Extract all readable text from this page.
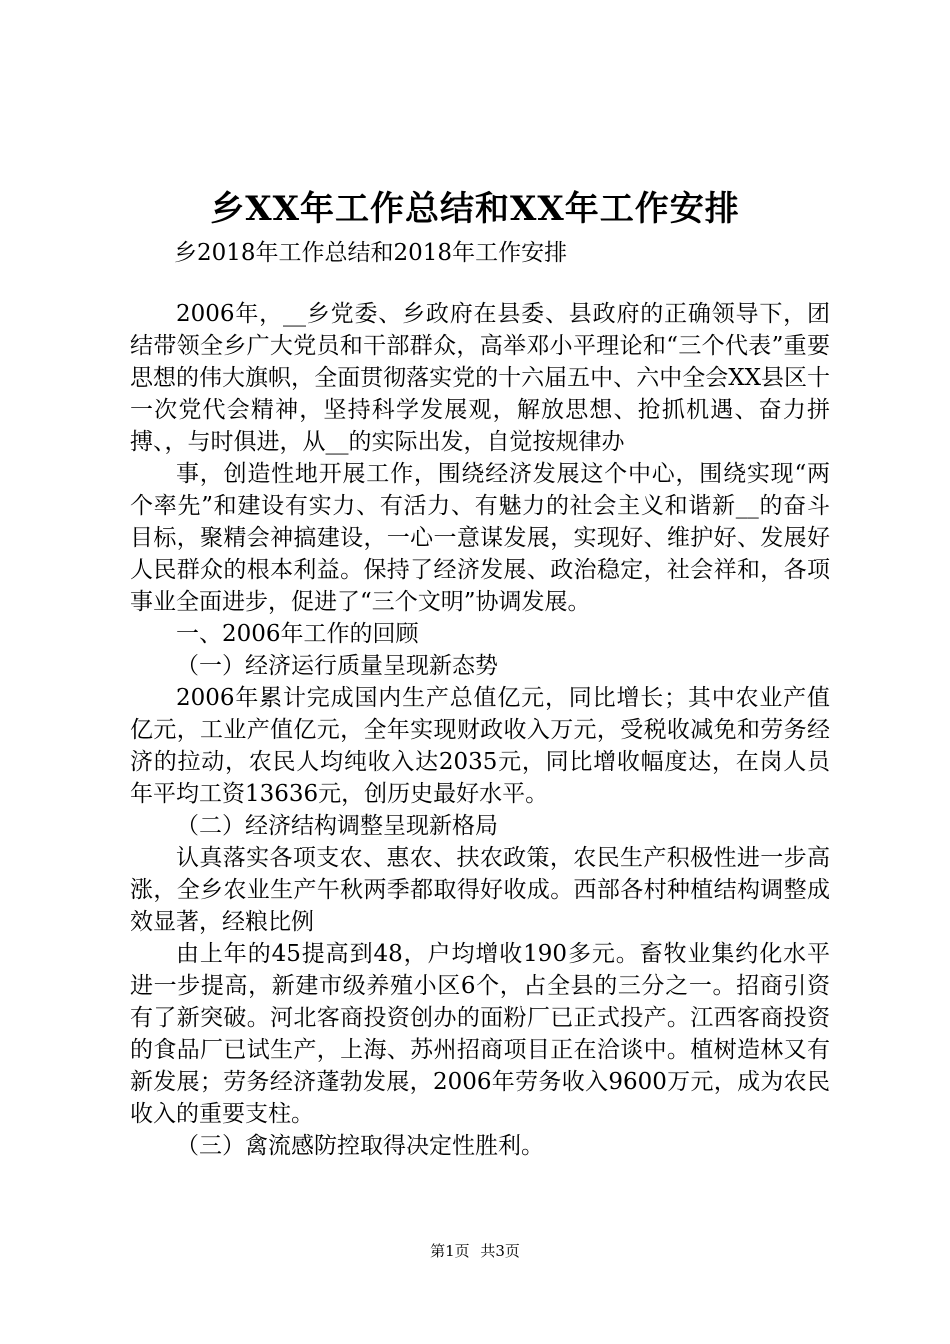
乡XX年工作总结和XX年工作安排
乡2018年工作总结和2018年工作安排

2006年，__乡党委、乡政府在县委、县政府的正确领导下，团结带领全乡广大党员和干部群众，高举邓小平理论和“三个代表”重要思想的伟大旗帜，全面贯彻落实党的十六届五中、六中全会XX县区十一次党代会精神，坚持科学发展观，解放思想、抢抓机遇、奋力拼搏、，与时俱进，从__的实际出发，自觉按规律办

事，创造性地开展工作，围绕经济发展这个中心，围绕实现“两个率先”和建设有实力、有活力、有魅力的社会主义和谐新__的奋斗目标，聚精会神搞建设，一心一意谋发展，实现好、维护好、发展好人民群众的根本利益。保持了经济发展、政治稳定，社会祥和，各项事业全面进步，促进了“三个文明”协调发展。

一、2006年工作的回顾

（一）经济运行质量呈现新态势

2006年累计完成国内生产总值亿元，同比增长；其中农业产值亿元，工业产值亿元，全年实现财政收入万元，受税收减免和劳务经济的拉动，农民人均纯收入达2035元，同比增收幅度达，在岗人员年平均工资13636元，创历史最好水平。

（二）经济结构调整呈现新格局

认真落实各项支农、惠农、扶农政策，农民生产积极性进一步高涨，全乡农业生产午秋两季都取得好收成。西部各村种植结构调整成效显著，经粮比例

由上年的45提高到48，户均增收190多元。畜牧业集约化水平进一步提高，新建市级养殖小区6个，占全县的三分之一。招商引资有了新突破。河北客商投资创办的面粉厂已正式投产。江西客商投资的食品厂已试生产，上海、苏州招商项目正在洽谈中。植树造林又有新发展；劳务经济蓬勃发展，2006年劳务收入9600万元，成为农民收入的重要支柱。

（三）禽流感防控取得决定性胜利。

第1页 共3页
